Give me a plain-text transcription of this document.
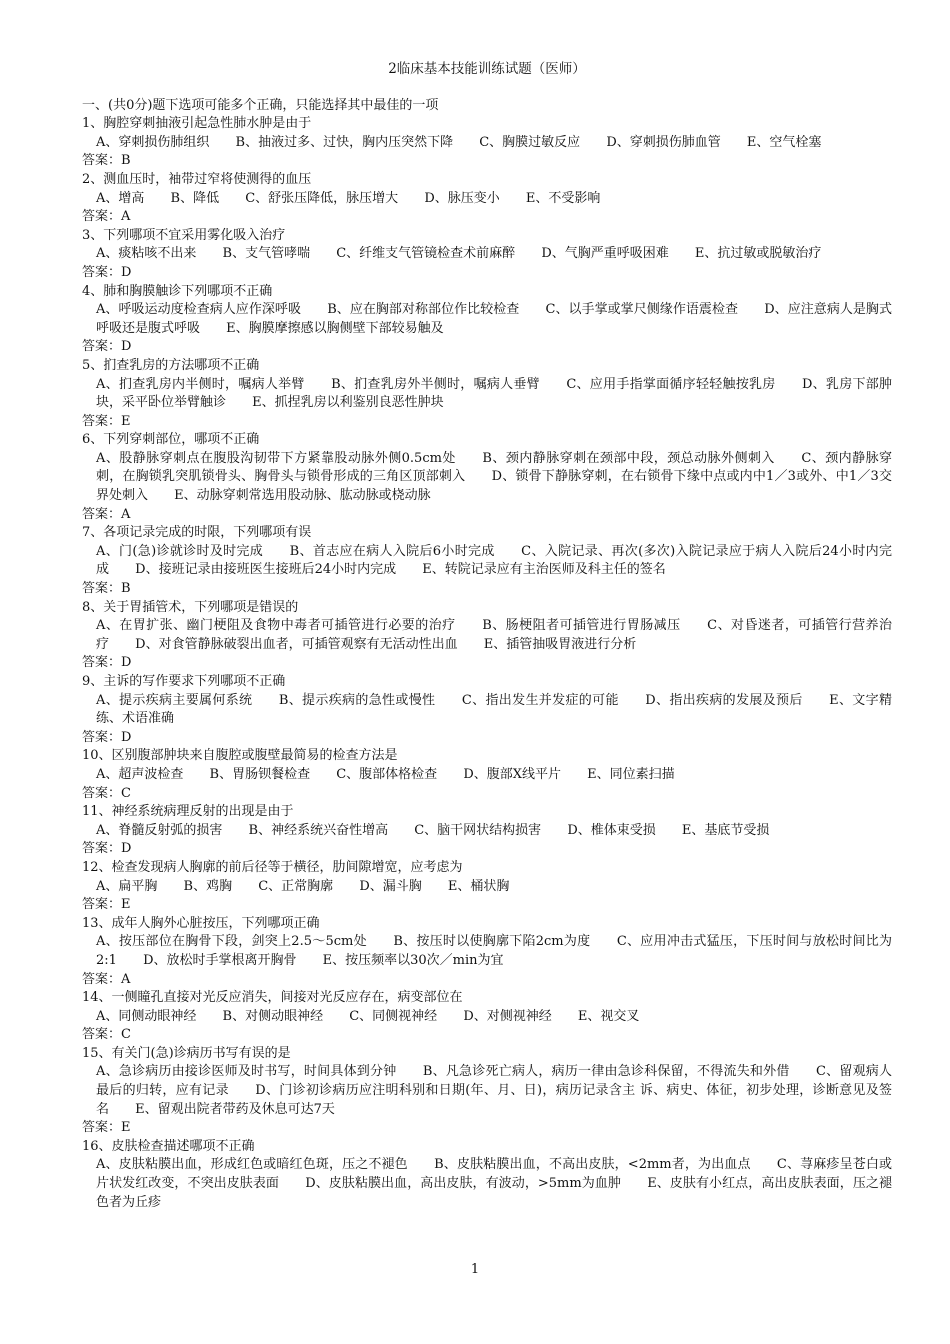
2临床基本技能训练试题（医师）
一、(共0分)题下选项可能多个正确，只能选择其中最佳的一项
1、胸腔穿刺抽液引起急性肺水肿是由于
A、穿刺损伤肺组织 B、抽液过多、过快，胸内压突然下降 C、胸膜过敏反应 D、穿刺损伤肺血管 E、空气栓塞
答案：B
2、测血压时，袖带过窄将使测得的血压
A、增高 B、降低 C、舒张压降低，脉压增大 D、脉压变小 E、不受影响
答案：A
3、下列哪项不宜采用雾化吸入治疗
A、痰粘咳不出来 B、支气管哮喘 C、纤维支气管镜检查术前麻醉 D、气胸严重呼吸困难 E、抗过敏或脱敏治疗
答案：D
4、肺和胸膜触诊下列哪项不正确
A、呼吸运动度检查病人应作深呼吸 B、应在胸部对称部位作比较检查 C、以手掌或掌尺侧缘作语震检查 D、应注意病人是胸式呼吸还是腹式呼吸 E、胸膜摩擦感以胸侧壁下部较易触及
答案：D
5、扪查乳房的方法哪项不正确
A、扪查乳房内半侧时，嘱病人举臂 B、扪查乳房外半侧时，嘱病人垂臂 C、应用手指掌面循序轻轻触按乳房 D、乳房下部肿块，采平卧位举臂触诊 E、抓捏乳房以利鉴别良恶性肿块
答案：E
6、下列穿刺部位，哪项不正确
A、股静脉穿刺点在腹股沟韧带下方紧靠股动脉外侧0.5cm处 B、颈内静脉穿刺在颈部中段，颈总动脉外侧刺入 C、颈内静脉穿刺，在胸锁乳突肌锁骨头、胸骨头与锁骨形成的三角区顶部刺入 D、锁骨下静脉穿刺，在右锁骨下缘中点或内中1／3或外、中1／3交界处刺入 E、动脉穿刺常选用股动脉、肱动脉或桡动脉
答案：A
7、各项记录完成的时限，下列哪项有误
A、门(急)诊就诊时及时完成 B、首志应在病人入院后6小时完成 C、入院记录、再次(多次)入院记录应于病人入院后24小时内完成 D、接班记录由接班医生接班后24小时内完成 E、转院记录应有主治医师及科主任的签名
答案：B
8、关于胃插管术，下列哪项是错误的
A、在胃扩张、幽门梗阻及食物中毒者可插管进行必要的治疗 B、肠梗阻者可插管进行胃肠减压 C、对昏迷者，可插管行营养治疗 D、对食管静脉破裂出血者，可插管观察有无活动性出血 E、插管抽吸胃液进行分析
答案：D
9、主诉的写作要求下列哪项不正确
A、提示疾病主要属何系统 B、提示疾病的急性或慢性 C、指出发生并发症的可能 D、指出疾病的发展及预后 E、文字精练、术语准确
答案：D
10、区别腹部肿块来自腹腔或腹壁最简易的检查方法是
A、超声波检查 B、胃肠钡餐检查 C、腹部体格检查 D、腹部X线平片 E、同位素扫描
答案：C
11、神经系统病理反射的出现是由于
A、脊髓反射弧的损害 B、神经系统兴奋性增高 C、脑干网状结构损害 D、椎体束受损 E、基底节受损
答案：D
12、检查发现病人胸廓的前后径等于横径，肋间隙增宽，应考虑为
A、扁平胸 B、鸡胸 C、正常胸廓 D、漏斗胸 E、桶状胸
答案：E
13、成年人胸外心脏按压，下列哪项正确
A、按压部位在胸骨下段，剑突上2.5～5cm处 B、按压时以使胸廓下陷2cm为度 C、应用冲击式猛压，下压时间与放松时间比为2:1 D、放松时手掌根离开胸骨 E、按压频率以30次／min为宜
答案：A
14、一侧瞳孔直接对光反应消失，间接对光反应存在，病变部位在
A、同侧动眼神经 B、对侧动眼神经 C、同侧视神经 D、对侧视神经 E、视交叉
答案：C
15、有关门(急)诊病历书写有误的是
A、急诊病历由接诊医师及时书写，时间具体到分钟 B、凡急诊死亡病人，病历一律由急诊科保留，不得流失和外借 C、留观病人最后的归转，应有记录 D、门诊初诊病历应注明科别和日期(年、月、日)，病历记录含主 诉、病史、体征，初步处理，诊断意见及签名 E、留观出院者带药及休息可达7天
答案：E
16、皮肤检查描述哪项不正确
A、皮肤粘膜出血，形成红色或暗红色斑，压之不褪色 B、皮肤粘膜出血，不高出皮肤，<2mm者，为出血点 C、荨麻疹呈苍白或片状发红改变，不突出皮肤表面 D、皮肤粘膜出血，高出皮肤，有波动，>5mm为血肿 E、皮肤有小红点，高出皮肤表面，压之褪色者为丘疹
1
